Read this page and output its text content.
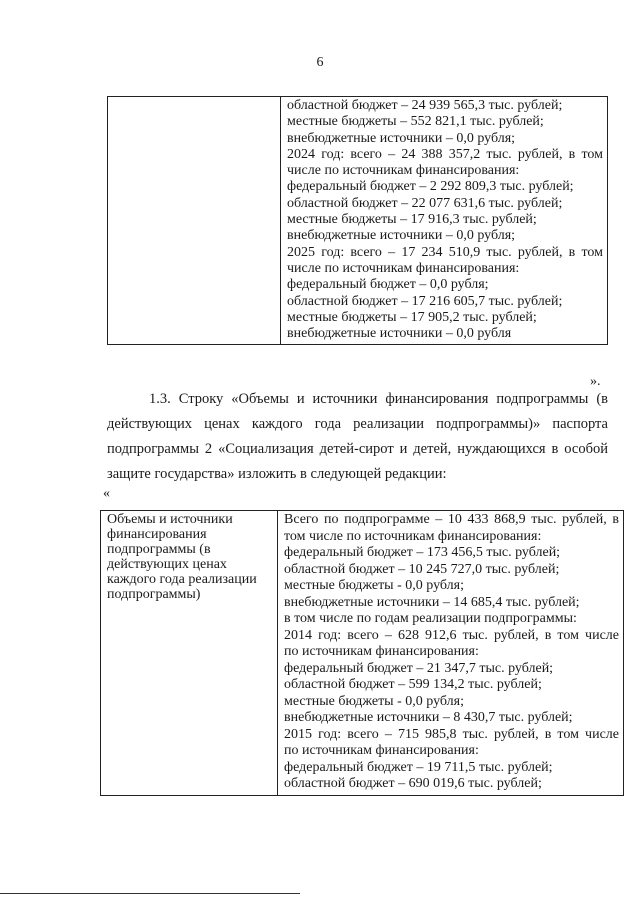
6

областной бюджет – 24 939 565,3 тыс. рублей;
местные бюджеты – 552 821,1 тыс. рублей;
внебюджетные источники – 0,0 рубля;
2024 год: всего – 24 388 357,2 тыс. рублей, в том
числе по источникам финансирования:
федеральный бюджет – 2 292 809,3 тыс. рублей;
областной бюджет – 22 077 631,6 тыс. рублей;
местные бюджеты – 17 916,3 тыс. рублей;
внебюджетные источники – 0,0 рубля;
2025 год: всего – 17 234 510,9 тыс. рублей, в том
числе по источникам финансирования:
федеральный бюджет – 0,0 рубля;
областной бюджет – 17 216 605,7 тыс. рублей;
местные бюджеты – 17 905,2 тыс. рублей;
внебюджетные источники – 0,0 рубля
».
1.3. Строку «Объемы и источники финансирования подпрограммы (в
действующих ценах каждого года реализации подпрограммы)» паспорта
подпрограммы 2 «Социализация детей-сирот и детей, нуждающихся в особой
защите государства» изложить в следующей редакции:
«
Объемы и источники финансирования подпрограммы (в действующих ценах каждого года реализации подпрограммы)

Всего по подпрограмме – 10 433 868,9 тыс. рублей, в
том числе по источникам финансирования:
федеральный бюджет – 173 456,5 тыс. рублей;
областной бюджет – 10 245 727,0 тыс. рублей;
местные бюджеты - 0,0 рубля;
внебюджетные источники – 14 685,4 тыс. рублей;
в том числе по годам реализации подпрограммы:
2014 год: всего – 628 912,6 тыс. рублей, в том числе
по источникам финансирования:
федеральный бюджет – 21 347,7 тыс. рублей;
областной бюджет – 599 134,2 тыс. рублей;
местные бюджеты - 0,0 рубля;
внебюджетные источники – 8 430,7 тыс. рублей;
2015 год: всего – 715 985,8 тыс. рублей, в том числе
по источникам финансирования:
федеральный бюджет – 19 711,5 тыс. рублей;
областной бюджет – 690 019,6 тыс. рублей;
